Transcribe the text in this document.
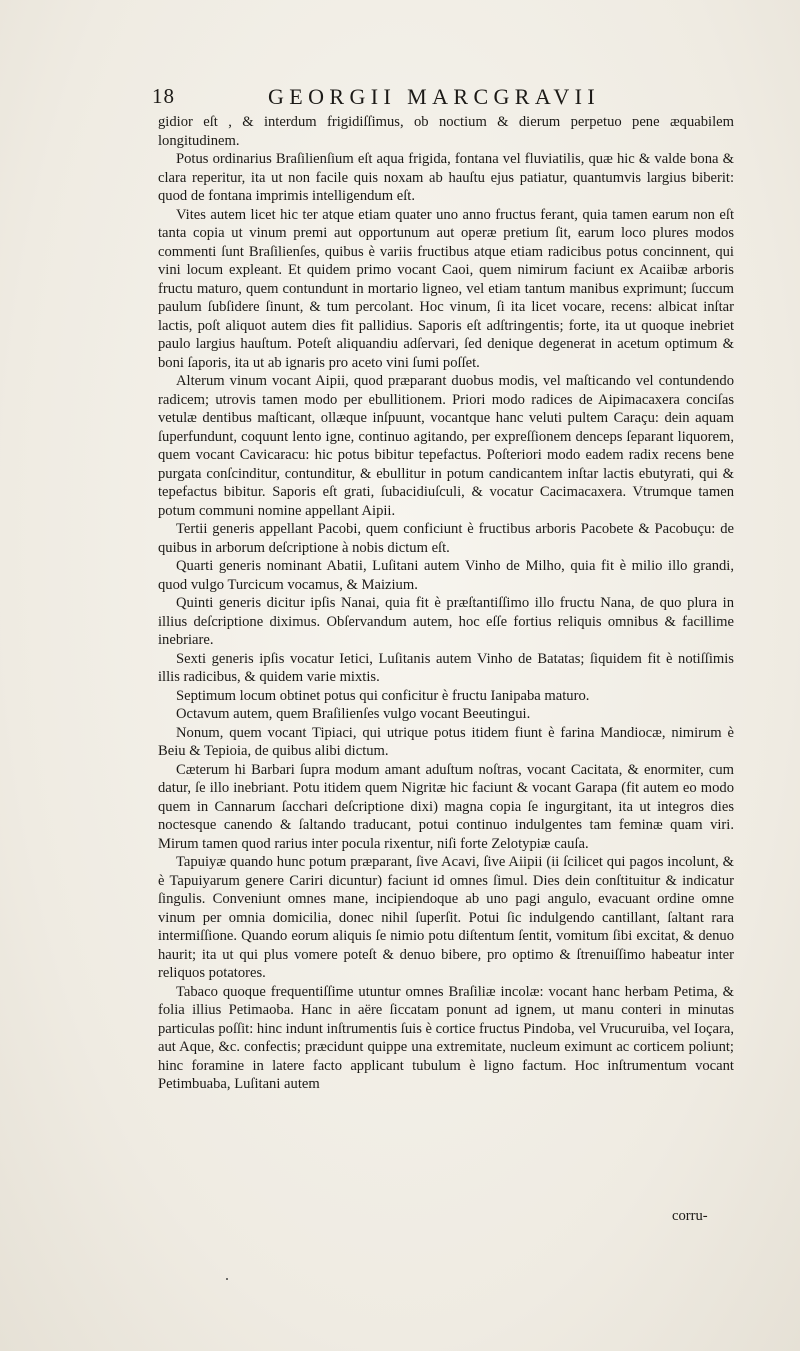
18	GEORGII MARCGRAVII

gidior eſt , & interdum frigidiſſimus, ob noctium & dierum perpetuo pene æquabilem longitudinem.

Potus ordinarius Braſilienſium eſt aqua frigida, fontana vel fluviatilis, quæ hic & valde bona & clara reperitur, ita ut non facile quis noxam ab hauſtu ejus patiatur, quantumvis largius biberit: quod de fontana imprimis intelligendum eſt.

Vites autem licet hic ter atque etiam quater uno anno fructus ferant, quia tamen earum non eſt tanta copia ut vinum premi aut opportunum aut operæ pretium ſit, earum loco plures modos commenti ſunt Braſilienſes, quibus è variis fructibus atque etiam radicibus potus concinnent, qui vini locum expleant. Et quidem primo vocant Caoi, quem nimirum faciunt ex Acaiibæ arboris fructu maturo, quem contundunt in mortario ligneo, vel etiam tantum manibus exprimunt; ſuccum paulum ſubſidere ſinunt, & tum percolant. Hoc vinum, ſi ita licet vocare, recens: albicat inſtar lactis, poſt aliquot autem dies fit pallidius. Saporis eſt adſtringentis; forte, ita ut quoque inebriet paulo largius hauſtum. Poteſt aliquandiu adſervari, ſed denique degenerat in acetum optimum & boni ſaporis, ita ut ab ignaris pro aceto vini ſumi poſſet.

Alterum vinum vocant Aipii, quod præparant duobus modis, vel maſticando vel contundendo radicem; utrovis tamen modo per ebullitionem. Priori modo radices de Aipimacaxera conciſas vetulæ dentibus maſticant, ollæque inſpuunt, vocantque hanc veluti pultem Caraçu: dein aquam ſuperfundunt, coquunt lento igne, continuo agitando, per expreſſionem denceps ſeparant liquorem, quem vocant Cavicaracu: hic potus bibitur tepefactus. Poſteriori modo eadem radix recens bene purgata conſcinditur, contunditur, & ebullitur in potum candicantem inſtar lactis ebutyrati, qui & tepefactus bibitur. Saporis eſt grati, ſubacidiuſculi, & vocatur Cacimacaxera. Vtrumque tamen potum communi nomine appellant Aipii.

Tertii generis appellant Pacobi, quem conficiunt è fructibus arboris Pacobete & Pacobuçu: de quibus in arborum deſcriptione à nobis dictum eſt.

Quarti generis nominant Abatii, Luſitani autem Vinho de Milho, quia fit è milio illo grandi, quod vulgo Turcicum vocamus, & Maizium.

Quinti generis dicitur ipſis Nanai, quia fit è præſtantiſſimo illo fructu Nana, de quo plura in illius deſcriptione diximus. Obſervandum autem, hoc eſſe fortius reliquis omnibus & facillime inebriare.

Sexti generis ipſis vocatur Ietici, Luſitanis autem Vinho de Batatas; ſiquidem fit è notiſſimis illis radicibus, & quidem varie mixtis.

Septimum locum obtinet potus qui conficitur è fructu Ianipaba maturo.

Octavum autem, quem Braſilienſes vulgo vocant Beeutingui.

Nonum, quem vocant Tipiaci, qui utrique potus itidem fiunt è farina Mandiocæ, nimirum è Beiu & Tepioia, de quibus alibi dictum.

Cæterum hi Barbari ſupra modum amant aduſtum noſtras, vocant Cacitata, & enormiter, cum datur, ſe illo inebriant. Potu itidem quem Nigritæ hic faciunt & vocant Garapa (fit autem eo modo quem in Cannarum ſacchari deſcriptione dixi) magna copia ſe ingurgitant, ita ut integros dies noctesque canendo & ſaltando traducant, potui continuo indulgentes tam feminæ quam viri. Mirum tamen quod rarius inter pocula rixentur, niſi forte Zelotypiæ cauſa.

Tapuiyæ quando hunc potum præparant, ſive Acavi, ſive Aiipii (ii ſcilicet qui pagos incolunt, & è Tapuiyarum genere Cariri dicuntur) faciunt id omnes ſimul. Dies dein conſtituitur & indicatur ſingulis. Conveniunt omnes mane, incipiendoque ab uno pagi angulo, evacuant ordine omne vinum per omnia domicilia, donec nihil ſuperſit. Potui ſic indulgendo cantillant, ſaltant rara intermiſſione. Quando eorum aliquis ſe nimio potu diſtentum ſentit, vomitum ſibi excitat, & denuo haurit; ita ut qui plus vomere poteſt & denuo bibere, pro optimo & ſtrenuiſſimo habeatur inter reliquos potatores.

Tabaco quoque frequentiſſime utuntur omnes Braſiliæ incolæ: vocant hanc herbam Petima, & folia illius Petimaoba. Hanc in aëre ſiccatam ponunt ad ignem, ut manu conteri in minutas particulas poſſit: hinc indunt inſtrumentis ſuis è cortice fructus Pindoba, vel Vrucuruiba, vel Ioçara, aut Aque, &c. confectis; præcidunt quippe una extremitate, nucleum eximunt ac corticem poliunt; hinc foramine in latere facto applicant tubulum è ligno factum. Hoc inſtrumentum vocant Petimbuaba, Luſitani autem

corru-
